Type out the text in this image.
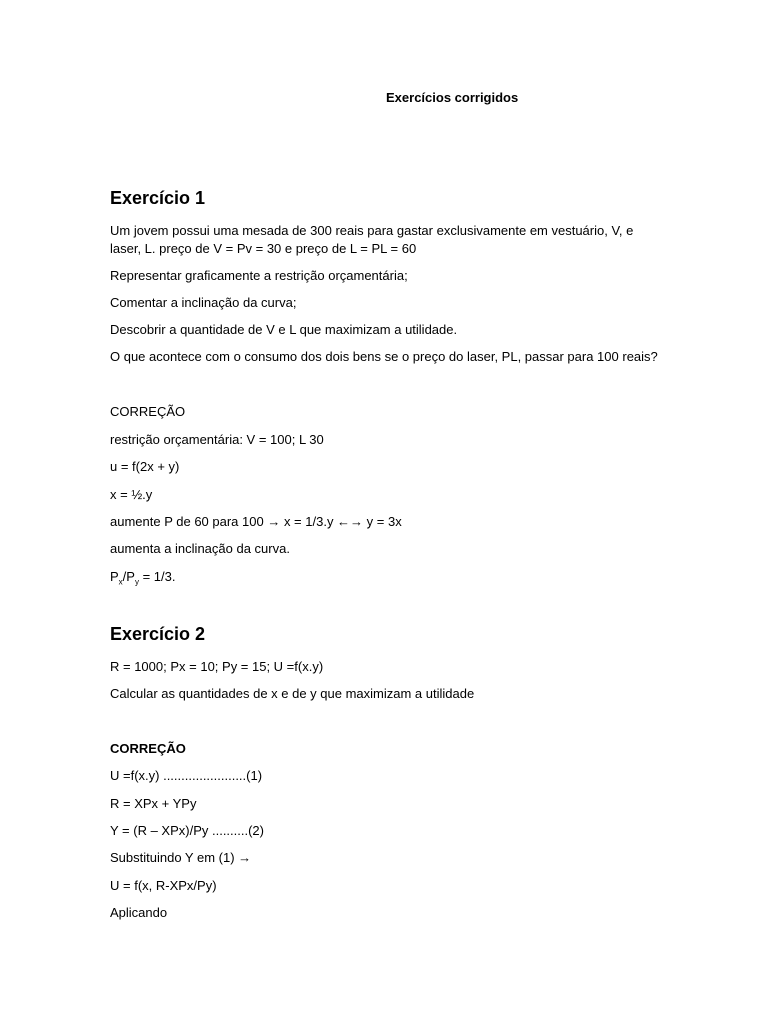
Exercícios corrigidos
Exercício 1
Um jovem possui uma mesada de 300 reais para gastar exclusivamente em vestuário, V, e
laser, L. preço de V = Pv = 30 e preço de L = PL = 60
Representar graficamente a restrição orçamentária;
Comentar a inclinação da curva;
Descobrir a quantidade de V e L que maximizam a utilidade.
O que acontece com o consumo dos dois bens se o preço do laser, PL, passar para 100 reais?
CORREÇÃO
restrição orçamentária: V = 100; L 30
u = f(2x + y)
x = ½.y
aumente P de 60 para 100 → x = 1/3.y ←→ y = 3x
aumenta a inclinação da curva.
$P_x/P_y = 1/3$.
Exercício 2
R = 1000; Px = 10; Py = 15; U =f(x.y)
Calcular as quantidades de x e de y que maximizam a utilidade
CORREÇÃO
U =f(x.y) .......................(1)
R = XPx + YPy
Y = (R – XPx)/Py ..........(2)
Substituindo Y em (1) →
U = f(x, R-XPx/Py)
Aplicando
